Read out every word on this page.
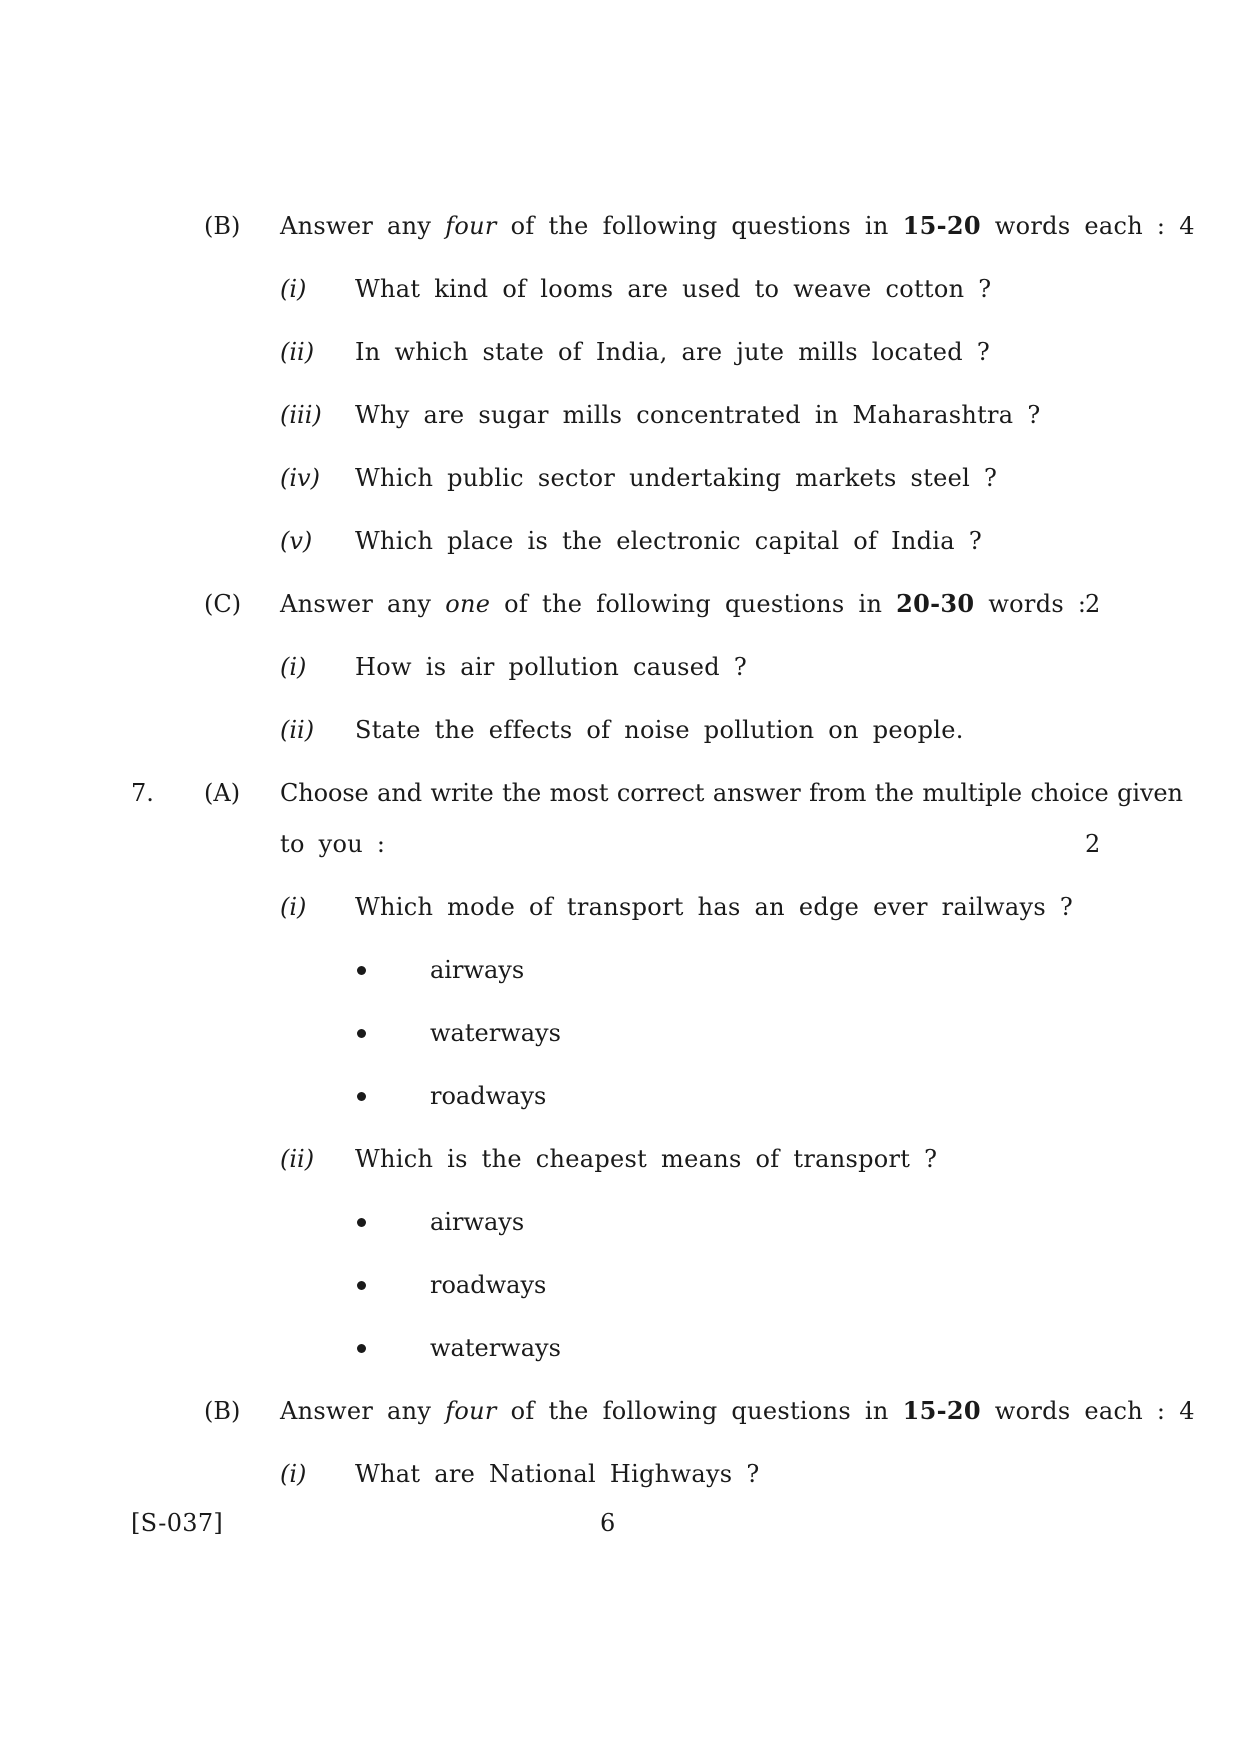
(B) Answer any four of the following questions in 15-20 words each : 4
(i) What kind of looms are used to weave cotton ?
(ii) In which state of India, are jute mills located ?
(iii) Why are sugar mills concentrated in Maharashtra ?
(iv) Which public sector undertaking markets steel ?
(v) Which place is the electronic capital of India ?
(C) Answer any one of the following questions in 20-30 words :
2
(i) How is air pollution caused ?
(ii) State the effects of noise pollution on people.
7. (A) Choose and write the most correct answer from the multiple choice given
to you :	2
(i) Which mode of transport has an edge ever railways ?
airways
waterways
roadways
(ii) Which is the cheapest means of transport ?
airways
roadways
waterways
(B) Answer any four of the following questions in 15-20 words each : 4
(i) What are National Highways ?
[S-037]	6
